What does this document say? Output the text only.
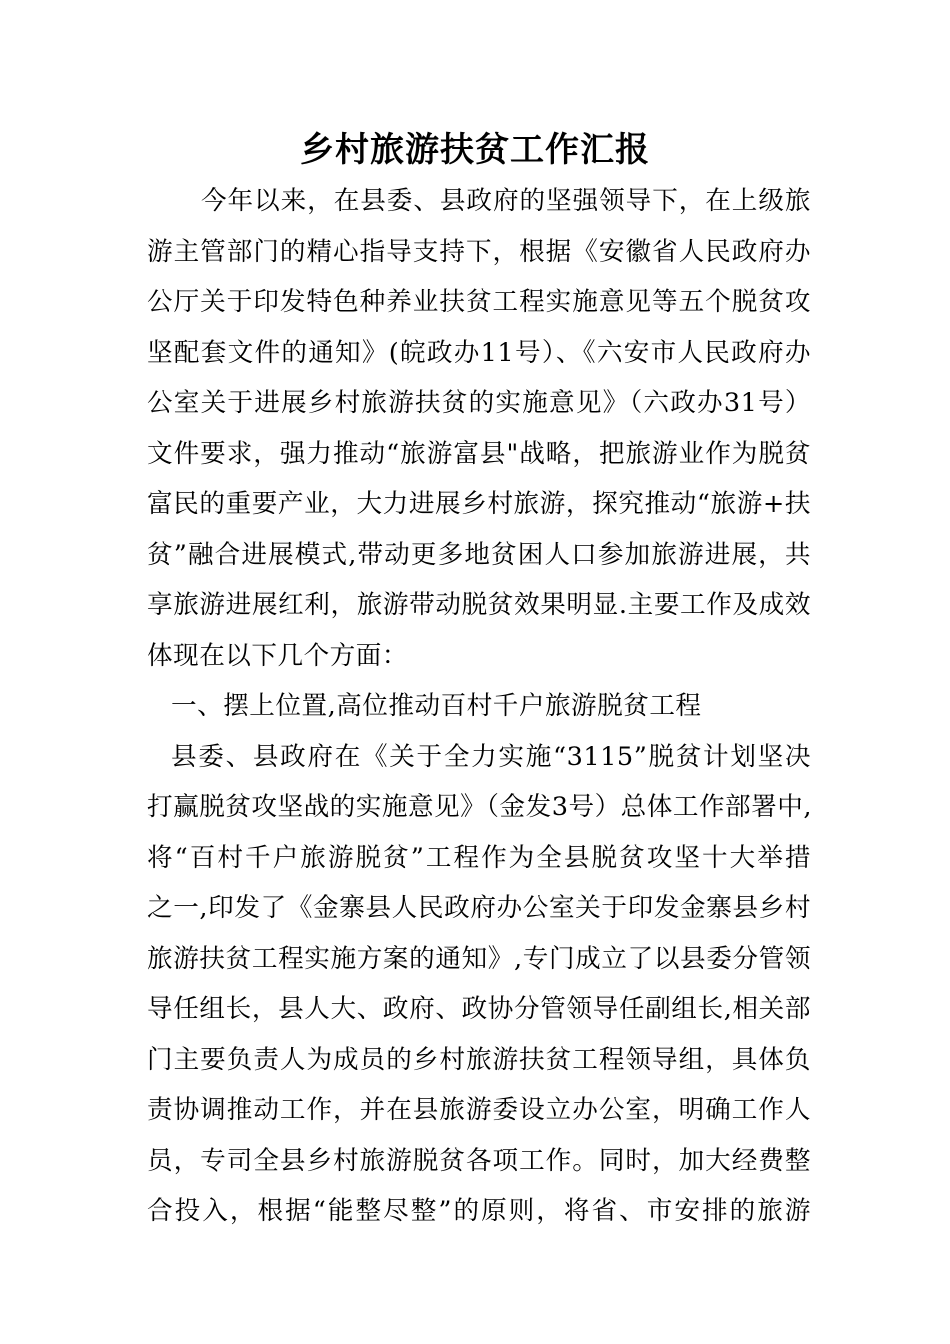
乡村旅游扶贫工作汇报
今年以来，在县委、县政府的坚强领导下，在上级旅
游主管部门的精心指导支持下，根据《安徽省人民政府办
公厅关于印发特色种养业扶贫工程实施意见等五个脱贫攻
坚配套文件的通知》(皖政办11号）、《六安市人民政府办
公室关于进展乡村旅游扶贫的实施意见》（六政办31号）
文件要求，强力推动“旅游富县"战略，把旅游业作为脱贫
富民的重要产业，大力进展乡村旅游，探究推动“旅游+扶
贫”融合进展模式,带动更多地贫困人口参加旅游进展，共
享旅游进展红利，旅游带动脱贫效果明显.主要工作及成效
体现在以下几个方面：
一、摆上位置,高位推动百村千户旅游脱贫工程
县委、县政府在《关于全力实施“3115”脱贫计划坚决
打赢脱贫攻坚战的实施意见》（金发3号）总体工作部署中,
将“百村千户旅游脱贫”工程作为全县脱贫攻坚十大举措
之一,印发了《金寨县人民政府办公室关于印发金寨县乡村
旅游扶贫工程实施方案的通知》,专门成立了以县委分管领
导任组长，县人大、政府、政协分管领导任副组长,相关部
门主要负责人为成员的乡村旅游扶贫工程领导组，具体负
责协调推动工作，并在县旅游委设立办公室，明确工作人
员，专司全县乡村旅游脱贫各项工作。同时，加大经费整
合投入，根据“能整尽整”的原则，将省、市安排的旅游
